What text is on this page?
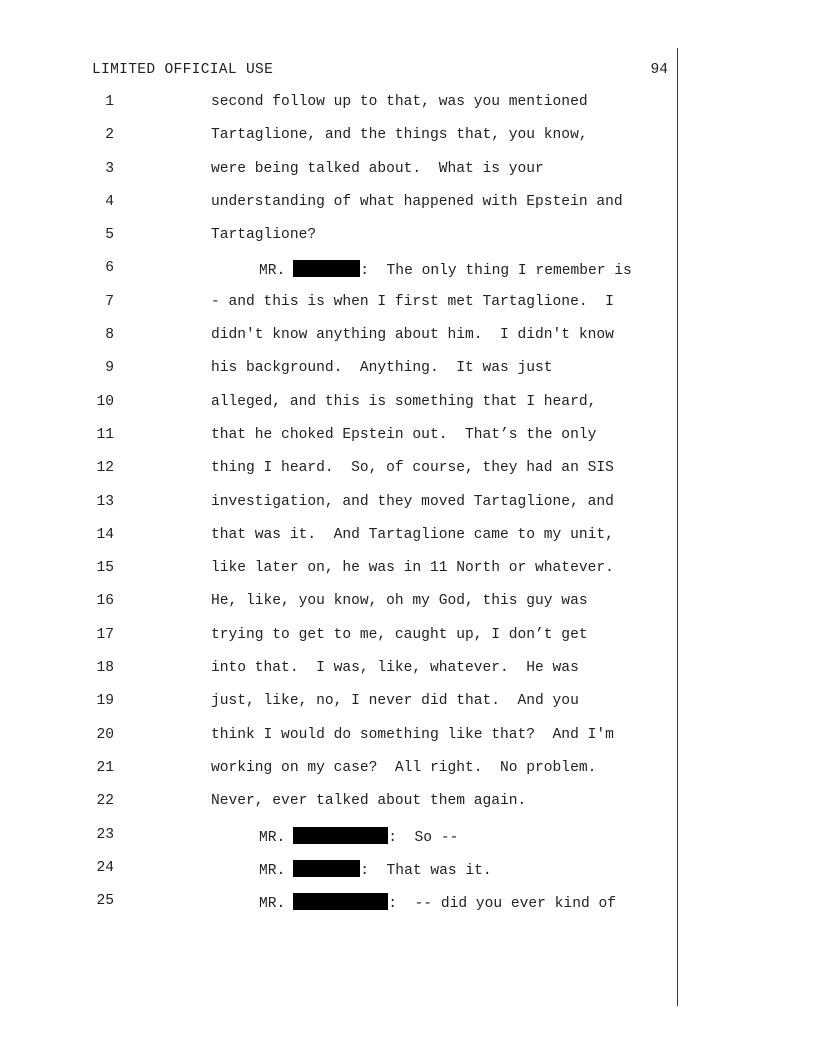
LIMITED OFFICIAL USE	94
1	second follow up to that, was you mentioned
2	Tartaglione, and the things that, you know,
3	were being talked about.  What is your
4	understanding of what happened with Epstein and
5	Tartaglione?
6	MR.	:  The only thing I remember is
7	- and this is when I first met Tartaglione.  I
8	didn't know anything about him.  I didn't know
9	his background.  Anything.  It was just
10	alleged, and this is something that I heard,
11	that he choked Epstein out.  That’s the only
12	thing I heard.  So, of course, they had an SIS
13	investigation, and they moved Tartaglione, and
14	that was it.  And Tartaglione came to my unit,
15	like later on, he was in 11 North or whatever.
16	He, like, you know, oh my God, this guy was
17	trying to get to me, caught up, I don’t get
18	into that.  I was, like, whatever.  He was
19	just, like, no, I never did that.  And you
20	think I would do something like that?  And I'm
21	working on my case?  All right.  No problem.
22	Never, ever talked about them again.
23	MR.	:  So --
24	MR.	:  That was it.
25	MR.	:  -- did you ever kind of
